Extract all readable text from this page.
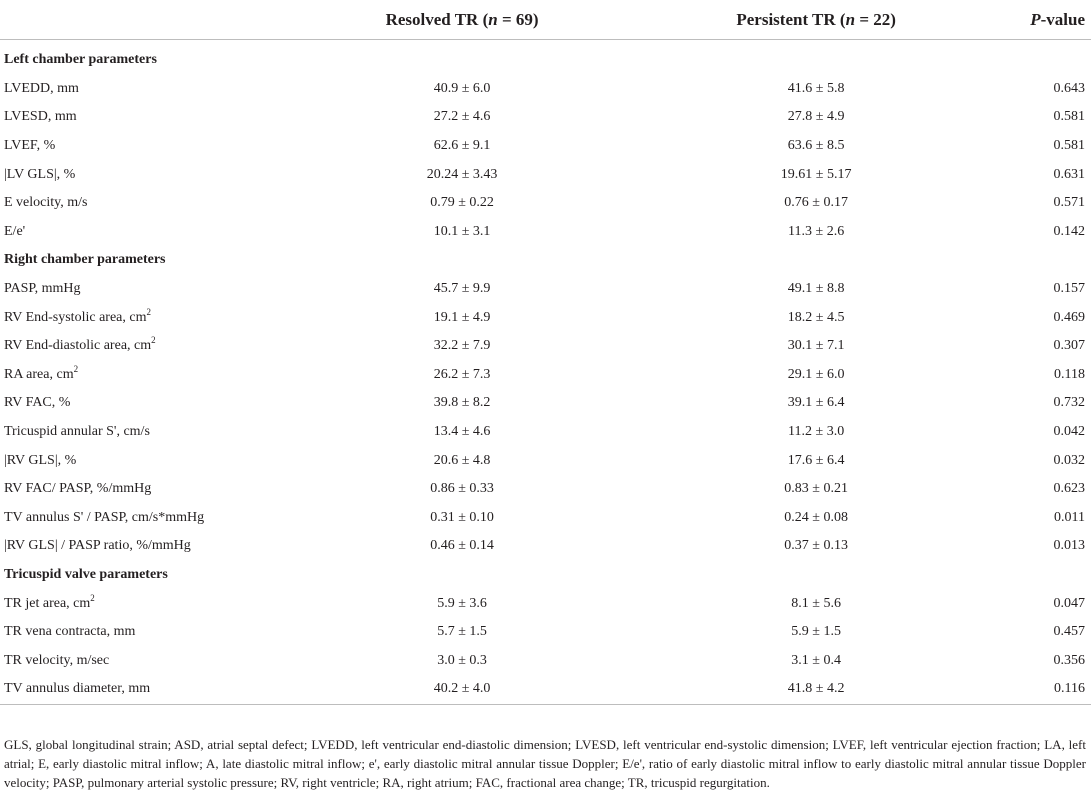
	Resolved TR (n = 69)	Persistent TR (n = 22)	P-value
Left chamber parameters			
LVEDD, mm	40.9 ± 6.0	41.6 ± 5.8	0.643
LVESD, mm	27.2 ± 4.6	27.8 ± 4.9	0.581
LVEF, %	62.6 ± 9.1	63.6 ± 8.5	0.581
|LV GLS|, %	20.24 ± 3.43	19.61 ± 5.17	0.631
E velocity, m/s	0.79 ± 0.22	0.76 ± 0.17	0.571
E/e'	10.1 ± 3.1	11.3 ± 2.6	0.142
Right chamber parameters			
PASP, mmHg	45.7 ± 9.9	49.1 ± 8.8	0.157
RV End-systolic area, $cm^2$	19.1 ± 4.9	18.2 ± 4.5	0.469
RV End-diastolic area, $cm^2$	32.2 ± 7.9	30.1 ± 7.1	0.307
RA area, $cm^2$	26.2 ± 7.3	29.1 ± 6.0	0.118
RV FAC, %	39.8 ± 8.2	39.1 ± 6.4	0.732
Tricuspid annular S', cm/s	13.4 ± 4.6	11.2 ± 3.0	0.042
|RV GLS|, %	20.6 ± 4.8	17.6 ± 6.4	0.032
RV FAC/ PASP, %/mmHg	0.86 ± 0.33	0.83 ± 0.21	0.623
TV annulus S' / PASP, cm/s*mmHg	0.31 ± 0.10	0.24 ± 0.08	0.011
|RV GLS| / PASP ratio, %/mmHg	0.46 ± 0.14	0.37 ± 0.13	0.013
Tricuspid valve parameters			
TR jet area, $cm^2$	5.9 ± 3.6	8.1 ± 5.6	0.047
TR vena contracta, mm	5.7 ± 1.5	5.9 ± 1.5	0.457
TR velocity, m/sec	3.0 ± 0.3	3.1 ± 0.4	0.356
TV annulus diameter, mm	40.2 ± 4.0	41.8 ± 4.2	0.116
GLS, global longitudinal strain; ASD, atrial septal defect; LVEDD, left ventricular end-diastolic dimension; LVESD, left ventricular end-systolic dimension; LVEF, left ventricular ejection fraction; LA, left atrial; E, early diastolic mitral inflow; A, late diastolic mitral inflow; e', early diastolic mitral annular tissue Doppler; E/e', ratio of early diastolic mitral inflow to early diastolic mitral annular tissue Doppler velocity; PASP, pulmonary arterial systolic pressure; RV, right ventricle; RA, right atrium; FAC, fractional area change; TR, tricuspid regurgitation.
